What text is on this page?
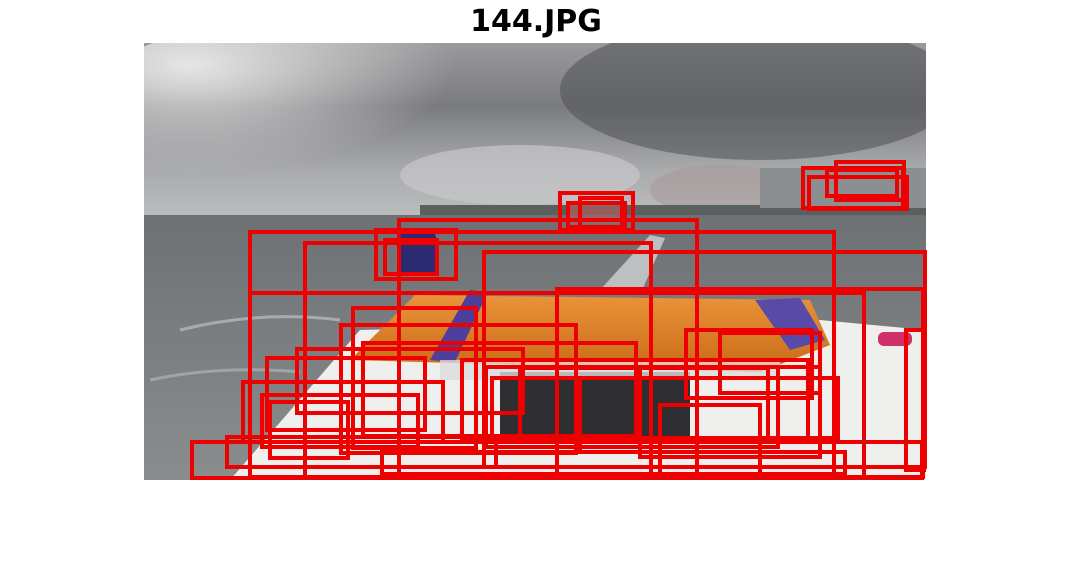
144.JPG
